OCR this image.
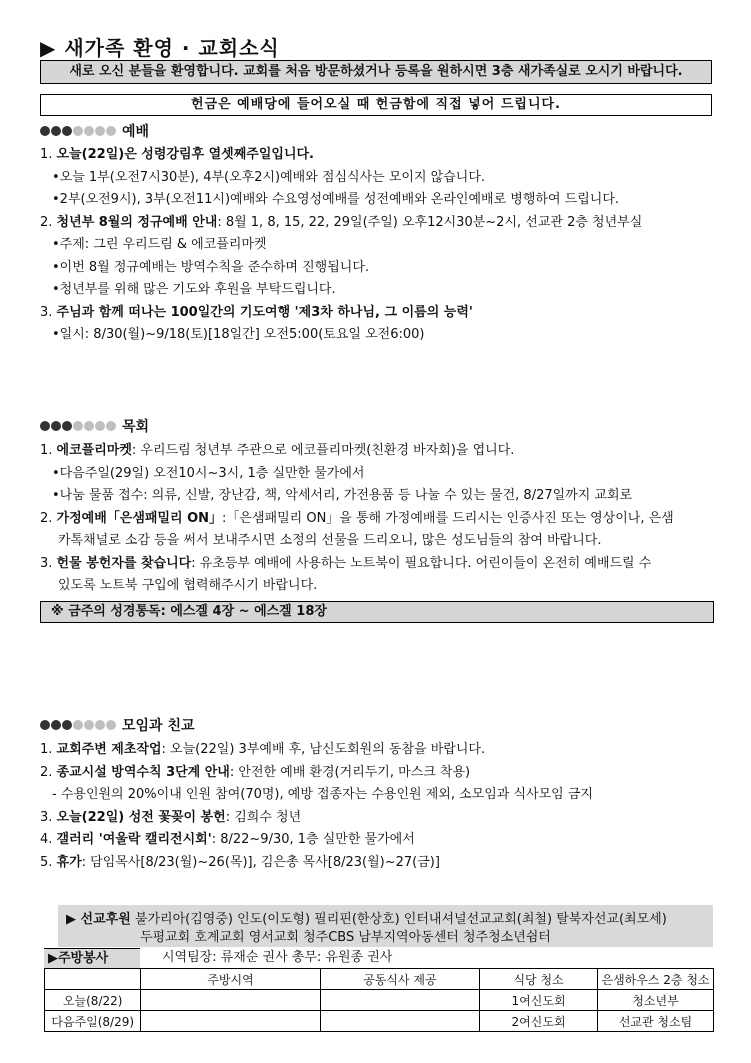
▶ 새가족 환영 · 교회소식
새로 오신 분들을 환영합니다. 교회를 처음 방문하셨거나 등록을 원하시면 3층 새가족실로 오시기 바랍니다.
헌금은 예배당에 들어오실 때 헌금함에 직접 넣어 드립니다.
예배
1. 오늘(22일)은 성령강림후 열셋째주일입니다.
•오늘 1부(오전7시30분), 4부(오후2시)예배와 점심식사는 모이지 않습니다.
•2부(오전9시), 3부(오전11시)예배와 수요영성예배를 성전예배와 온라인예배로 병행하여 드립니다.
2. 청년부 8월의 정규예배 안내: 8월 1, 8, 15, 22, 29일(주일) 오후12시30분~2시, 선교관 2층 청년부실
•주제: 그린 우리드림 & 에코플리마켓
•이번 8월 정규예배는 방역수칙을 준수하며 진행됩니다.
•청년부를 위해 많은 기도와 후원을 부탁드립니다.
3. 주님과 함께 떠나는 100일간의 기도여행 '제3차 하나님, 그 이름의 능력'
•일시: 8/30(월)~9/18(토)[18일간] 오전5:00(토요일 오전6:00)
목회
1. 에코플리마켓: 우리드림 청년부 주관으로 에코플리마켓(친환경 바자회)을 엽니다.
•다음주일(29일) 오전10시~3시, 1층 실만한 물가에서
•나눔 물품 접수: 의류, 신발, 장난감, 책, 악세서리, 가전용품 등 나눌 수 있는 물건, 8/27일까지 교회로
2. 가정예배「은샘패밀리 ON」:「은샘패밀리 ON」을 통해 가정예배를 드리시는 인증사진 또는 영상이나, 은샘
카톡채널로 소감 등을 써서 보내주시면 소정의 선물을 드리오니, 많은 성도님들의 참여 바랍니다.
3. 헌물 봉헌자를 찾습니다: 유초등부 예배에 사용하는 노트북이 필요합니다. 어린이들이 온전히 예배드릴 수
있도록 노트북 구입에 협력해주시기 바랍니다.
※ 금주의 성경통독: 에스겔 4장 ~ 에스겔 18장
모임과 친교
1. 교회주변 제초작업: 오늘(22일) 3부예배 후, 남신도회원의 동참을 바랍니다.
2. 종교시설 방역수칙 3단계 안내: 안전한 예배 환경(거리두기, 마스크 착용)
- 수용인원의 20%이내 인원 참여(70명), 예방 접종자는 수용인원 제외, 소모임과 식사모임 금지
3. 오늘(22일) 성전 꽃꽂이 봉헌: 김희수 청년
4. 갤러리 '여울락 캘리전시회': 8/22~9/30, 1층 실만한 물가에서
5. 휴가: 담임목사[8/23(월)~26(목)], 김은총 목사[8/23(월)~27(금)]
▶ 선교후원 불가리아(김영중) 인도(이도형) 필리핀(한상호) 인터내셔널선교교회(최철) 탈북자선교(최모세)
두평교회 호계교회 영서교회 청주CBS 남부지역아동센터 청주청소년쉼터
▶주방봉사	시역팀장: 류재순 권사 총무: 유원종 권사
	주방시역	공동식사 제공	식당 청소	은샘하우스 2층 청소
오늘(8/22)			1여신도회	청소년부
다음주일(8/29)			2여신도회	선교관 청소팀
